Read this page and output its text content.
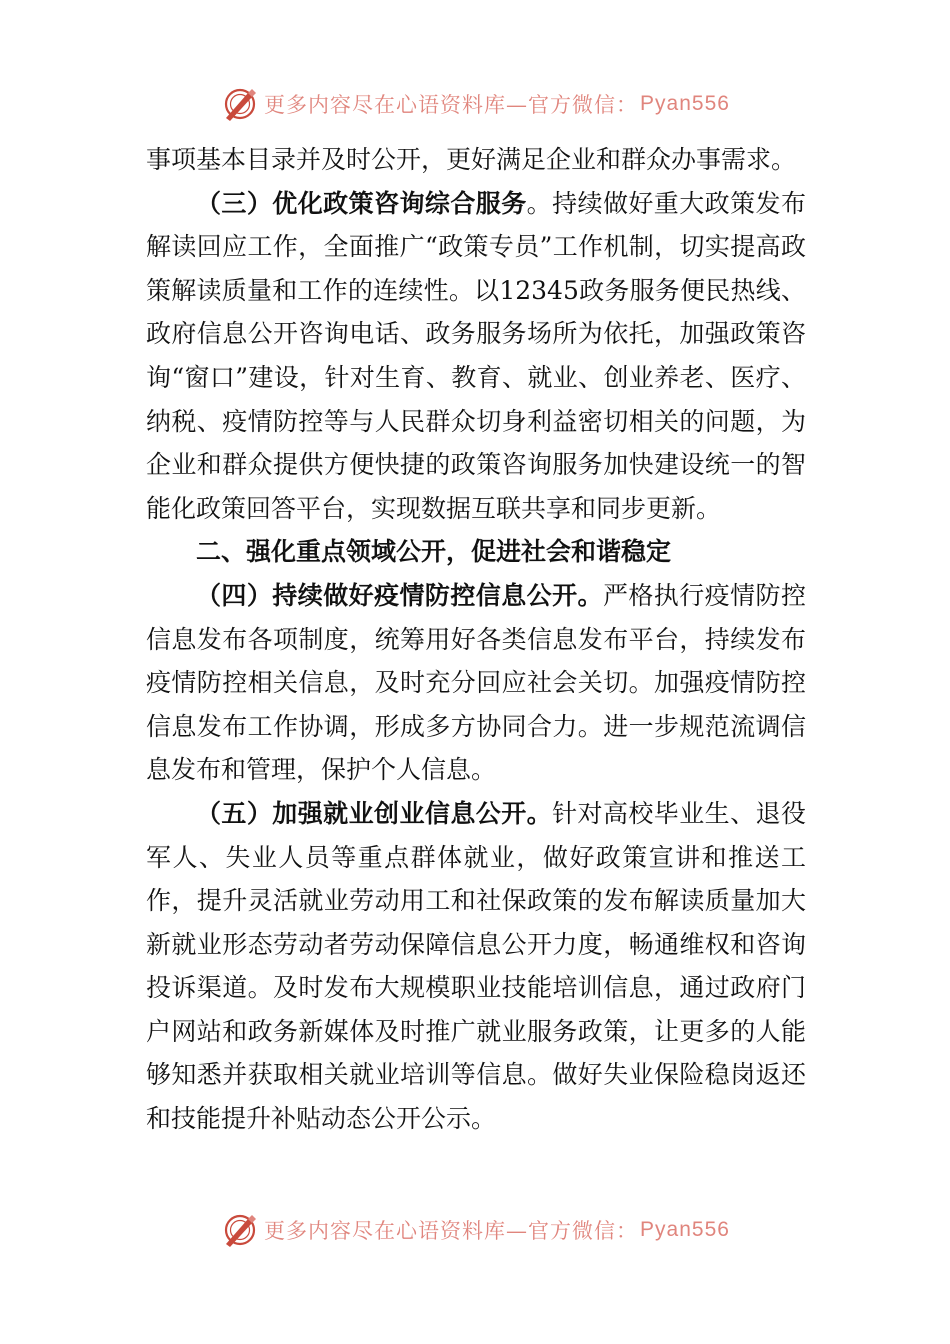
更多内容尽在心语资料库—官方微信： Pyan556

事项基本目录并及时公开，更好满足企业和群众办事需求。

（三）优化政策咨询综合服务。持续做好重大政策发布解读回应工作，全面推广“政策专员”工作机制，切实提高政策解读质量和工作的连续性。以12345政务服务便民热线、政府信息公开咨询电话、政务服务场所为依托，加强政策咨询“窗口”建设，针对生育、教育、就业、创业养老、医疗、纳税、疫情防控等与人民群众切身利益密切相关的问题，为企业和群众提供方便快捷的政策咨询服务加快建设统一的智能化政策回答平台，实现数据互联共享和同步更新。

二、强化重点领域公开，促进社会和谐稳定

（四）持续做好疫情防控信息公开。严格执行疫情防控信息发布各项制度，统筹用好各类信息发布平台，持续发布疫情防控相关信息，及时充分回应社会关切。加强疫情防控信息发布工作协调，形成多方协同合力。进一步规范流调信息发布和管理，保护个人信息。

（五）加强就业创业信息公开。针对高校毕业生、退役军人、失业人员等重点群体就业，做好政策宣讲和推送工作，提升灵活就业劳动用工和社保政策的发布解读质量加大新就业形态劳动者劳动保障信息公开力度，畅通维权和咨询投诉渠道。及时发布大规模职业技能培训信息，通过政府门户网站和政务新媒体及时推广就业服务政策，让更多的人能够知悉并获取相关就业培训等信息。做好失业保险稳岗返还和技能提升补贴动态公开公示。

更多内容尽在心语资料库—官方微信： Pyan556
